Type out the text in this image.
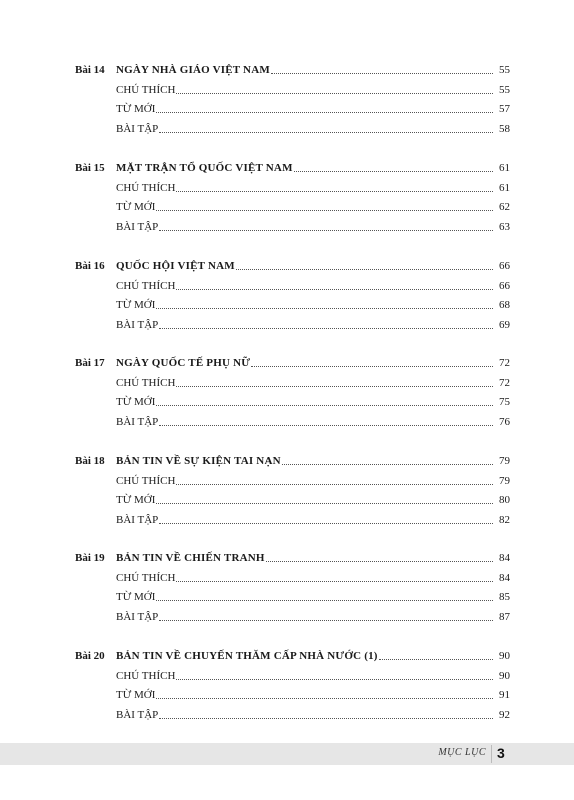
Bài 14 NGÀY NHÀ GIÁO VIỆT NAM	55
CHÚ THÍCH	55
TỪ MỚI	57
BÀI TẬP	58
Bài 15 MẶT TRẬN TỔ QUỐC VIỆT NAM	61
CHÚ THÍCH	61
TỪ MỚI	62
BÀI TẬP	63
Bài 16 QUỐC HỘI VIỆT NAM	66
CHÚ THÍCH	66
TỪ MỚI	68
BÀI TẬP	69
Bài 17 NGÀY QUỐC TẾ PHỤ NỮ	72
CHÚ THÍCH	72
TỪ MỚI	75
BÀI TẬP	76
Bài 18 BẢN TIN VỀ SỰ KIỆN TAI NẠN	79
CHÚ THÍCH	79
TỪ MỚI	80
BÀI TẬP	82
Bài 19 BẢN TIN VỀ CHIẾN TRANH	84
CHÚ THÍCH	84
TỪ MỚI	85
BÀI TẬP	87
Bài 20 BẢN TIN VỀ CHUYẾN THĂM CẤP NHÀ NƯỚC (1)	90
CHÚ THÍCH	90
TỪ MỚI	91
BÀI TẬP	92
MỤC LỤC 3
